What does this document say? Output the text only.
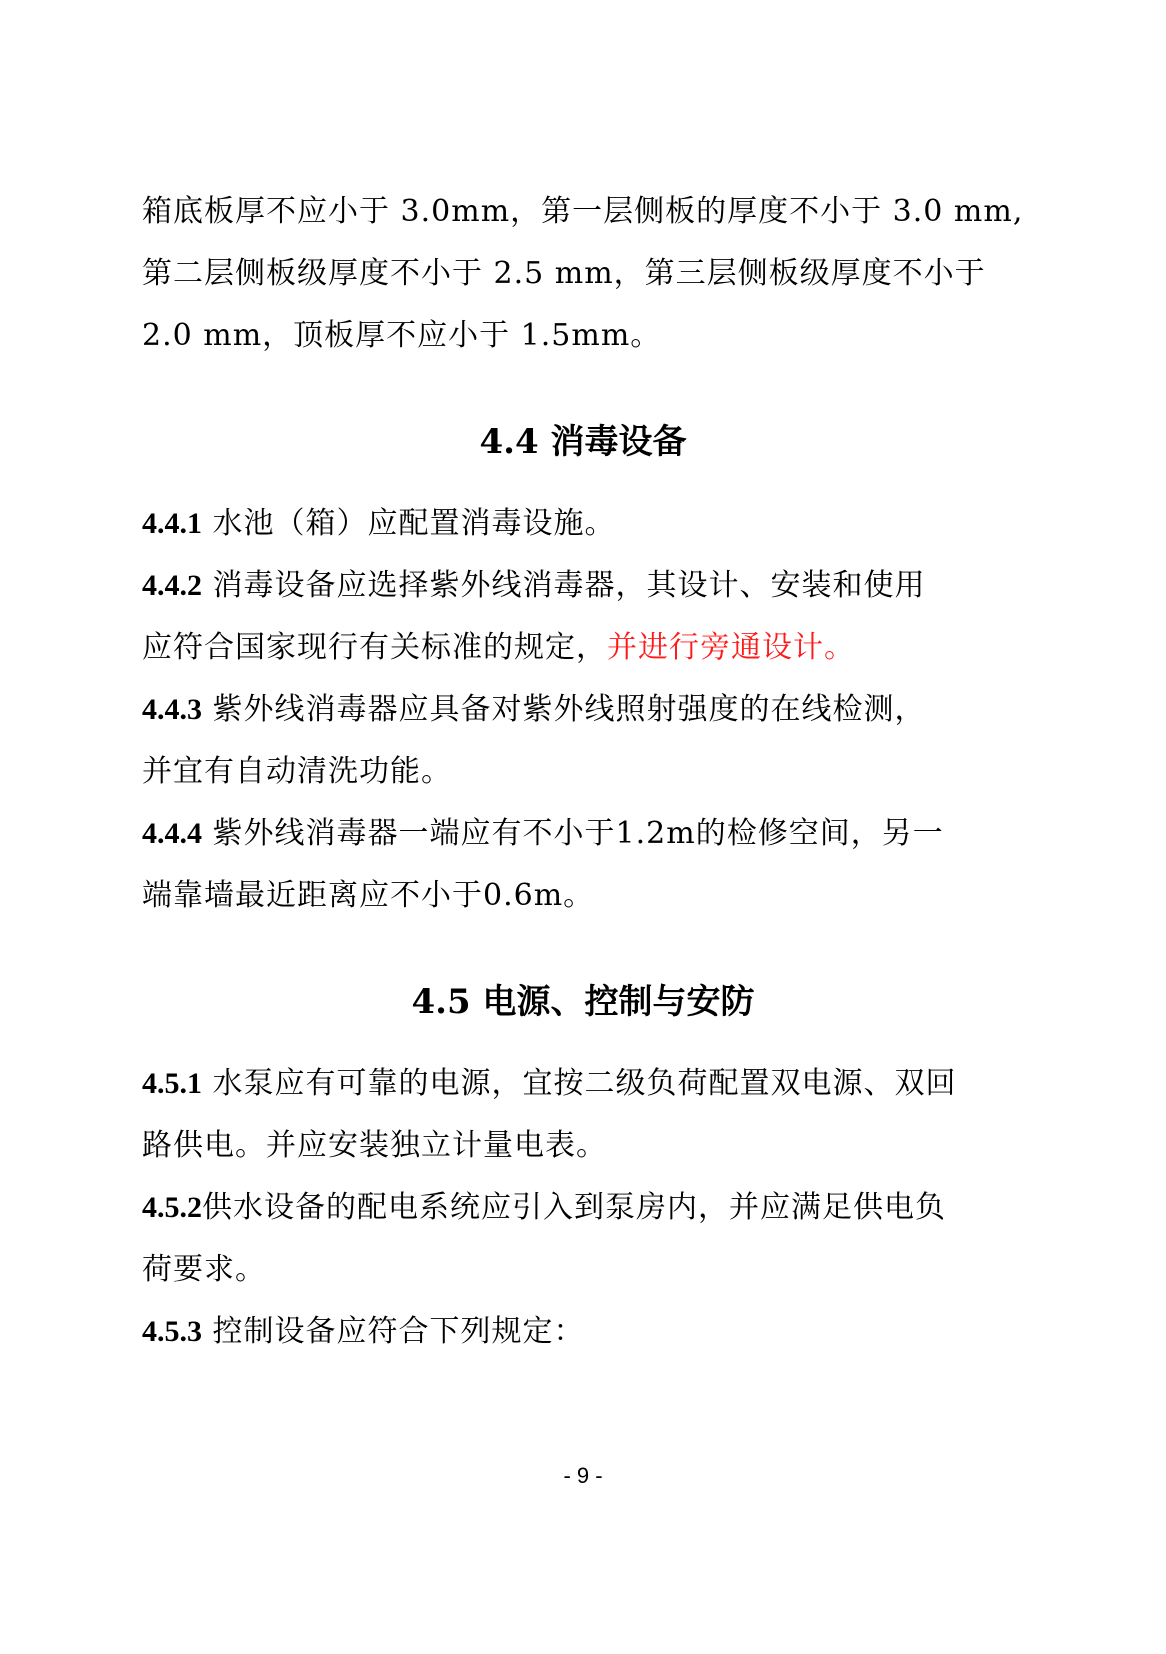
箱底板厚不应小于 3.0mm，第一层侧板的厚度不小于 3.0 mm,
第二层侧板级厚度不小于 2.5 mm，第三层侧板级厚度不小于
2.0 mm，顶板厚不应小于 1.5mm。
4.4 消毒设备
4.4.1 水池（箱）应配置消毒设施。
4.4.2 消毒设备应选择紫外线消毒器，其设计、安装和使用
应符合国家现行有关标准的规定，并进行旁通设计。
4.4.3 紫外线消毒器应具备对紫外线照射强度的在线检测，
并宜有自动清洗功能。
4.4.4 紫外线消毒器一端应有不小于1.2m的检修空间，另一
端靠墙最近距离应不小于0.6m。
4.5 电源、控制与安防
4.5.1 水泵应有可靠的电源，宜按二级负荷配置双电源、双回
路供电。并应安装独立计量电表。
4.5.2供水设备的配电系统应引入到泵房内，并应满足供电负
荷要求。
4.5.3 控制设备应符合下列规定：
- 9 -
